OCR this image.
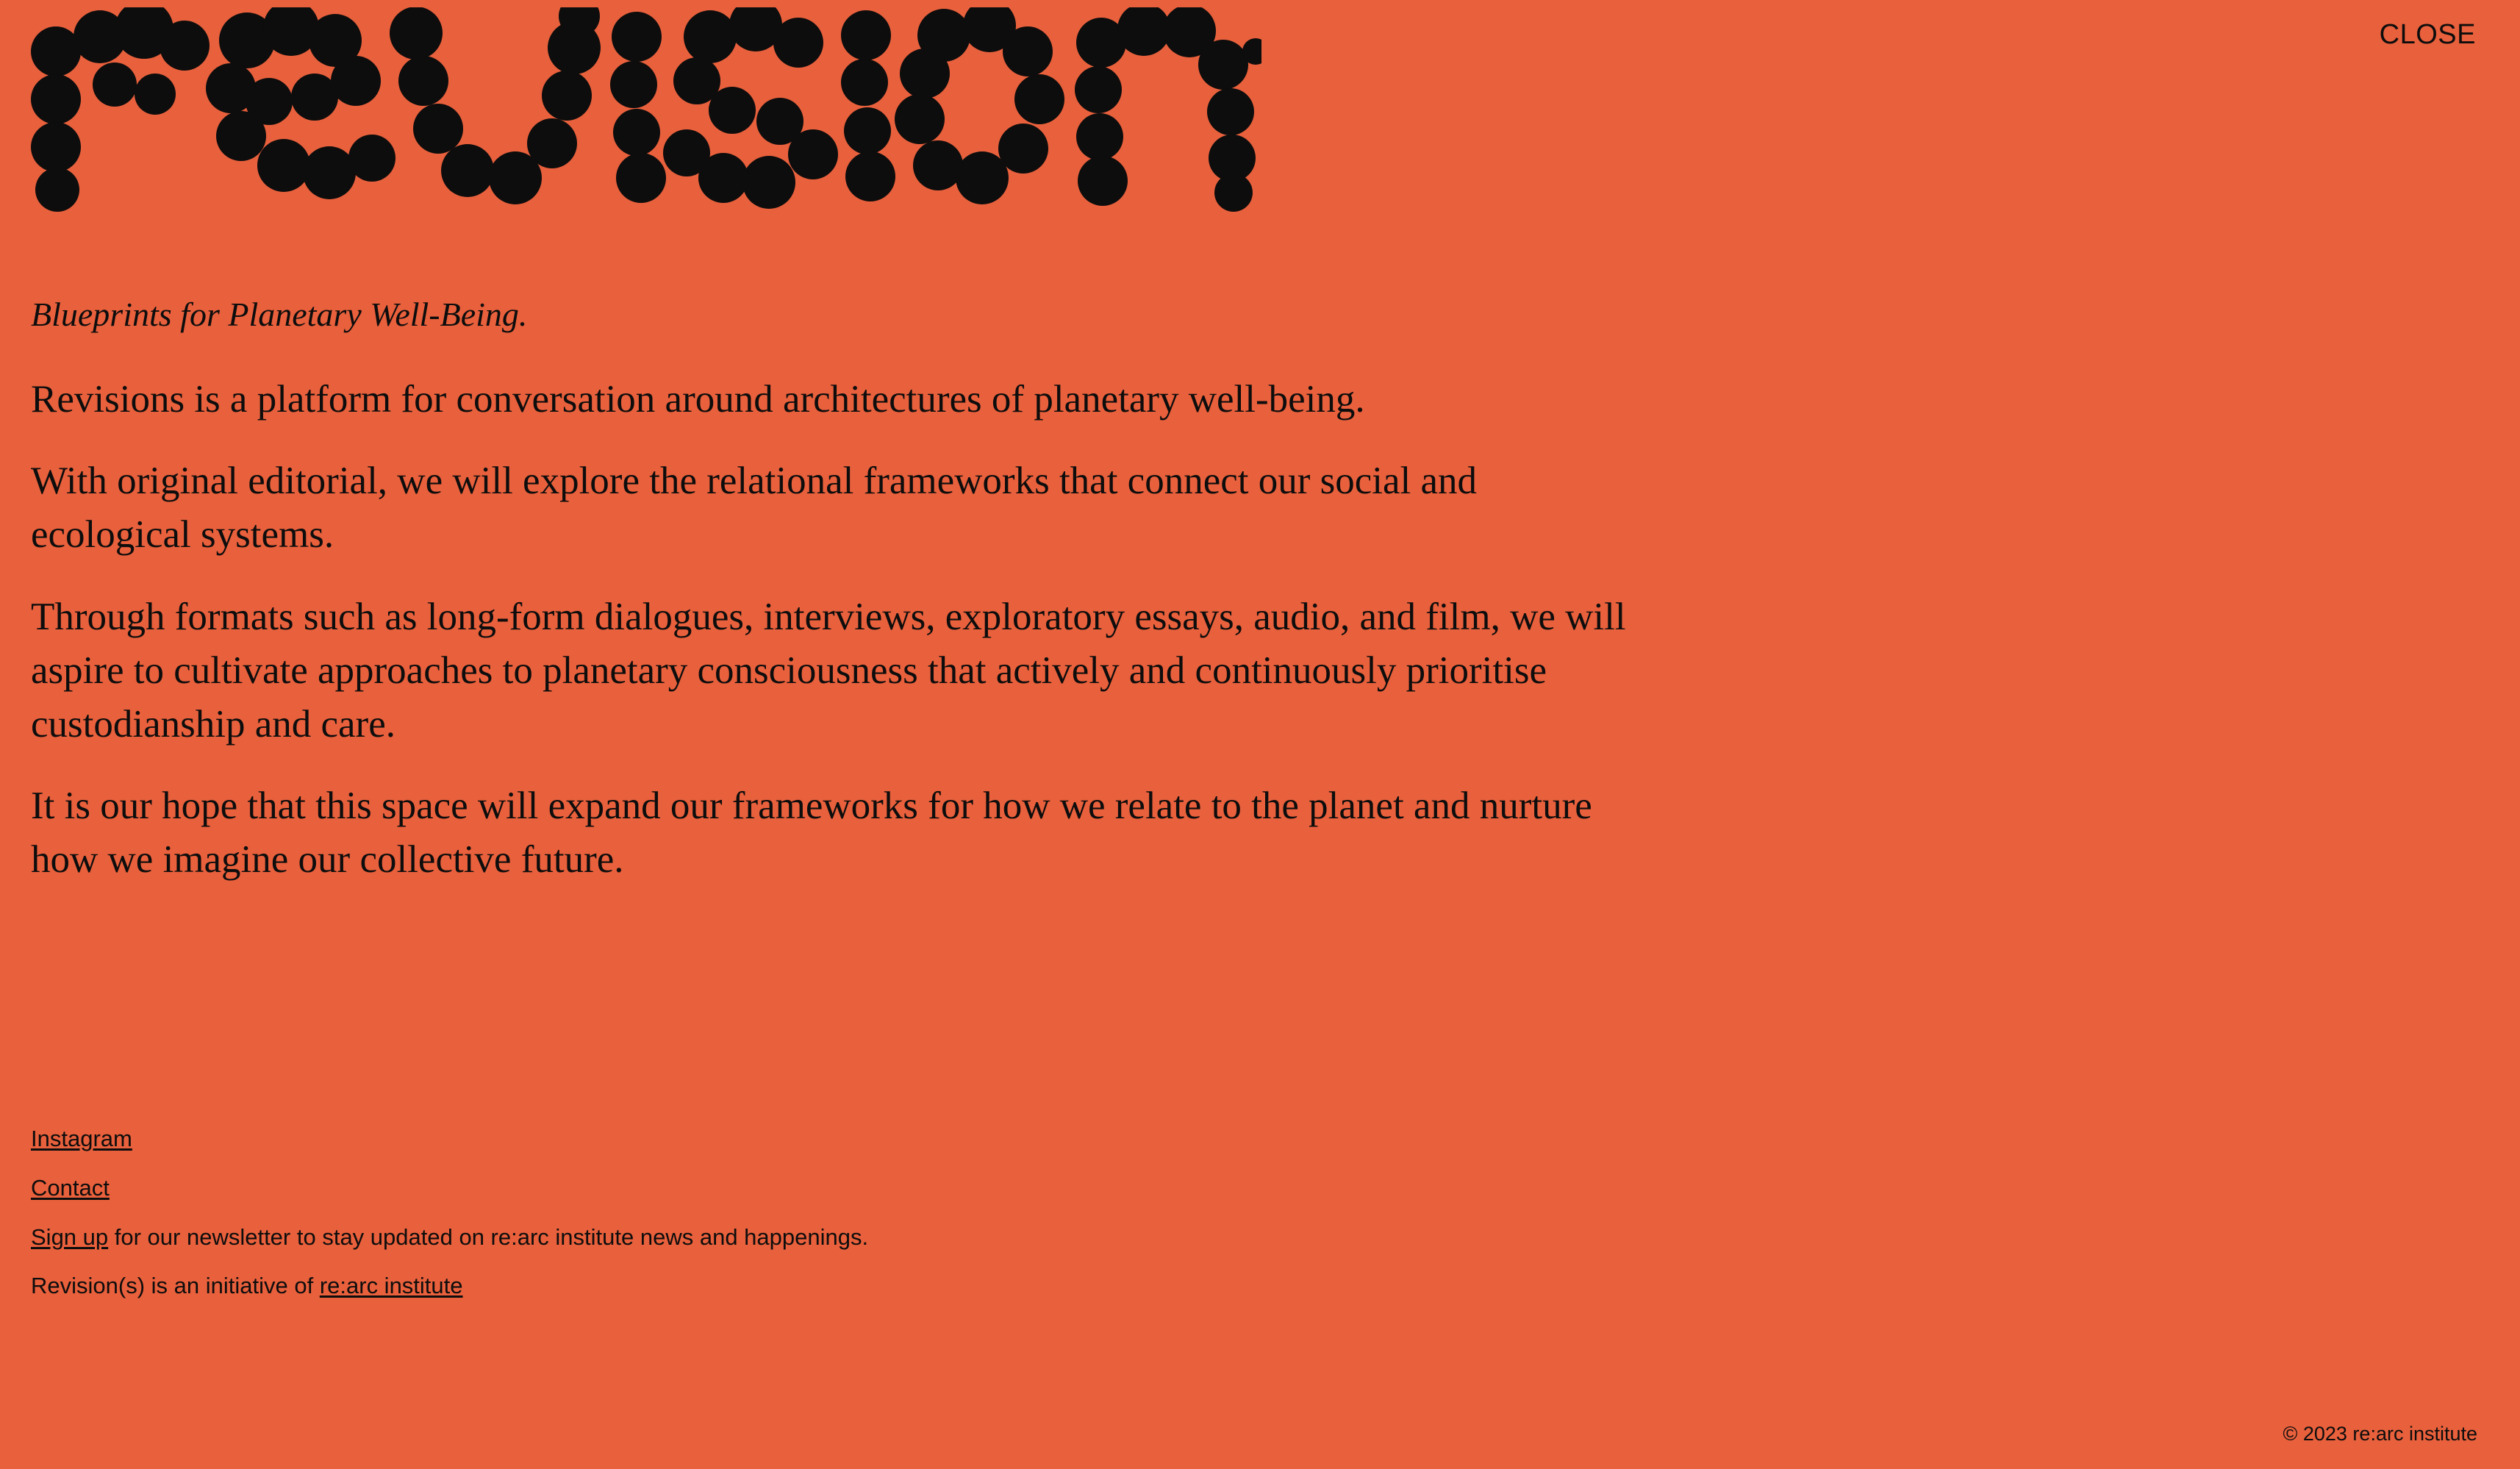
CLOSE

Blueprints for Planetary Well-Being.

Revisions is a platform for conversation around architectures of planetary well-being.

With original editorial, we will explore the relational frameworks that connect our social and ecological systems.

Through formats such as long-form dialogues, interviews, exploratory essays, audio, and film, we will aspire to cultivate approaches to planetary consciousness that actively and continuously prioritise custodianship and care.

It is our hope that this space will expand our frameworks for how we relate to the planet and nurture how we imagine our collective future.

Instagram
Contact
Sign up for our newsletter to stay updated on re:arc institute news and happenings.
Revision(s) is an initiative of re:arc institute
© 2023 re:arc institute
